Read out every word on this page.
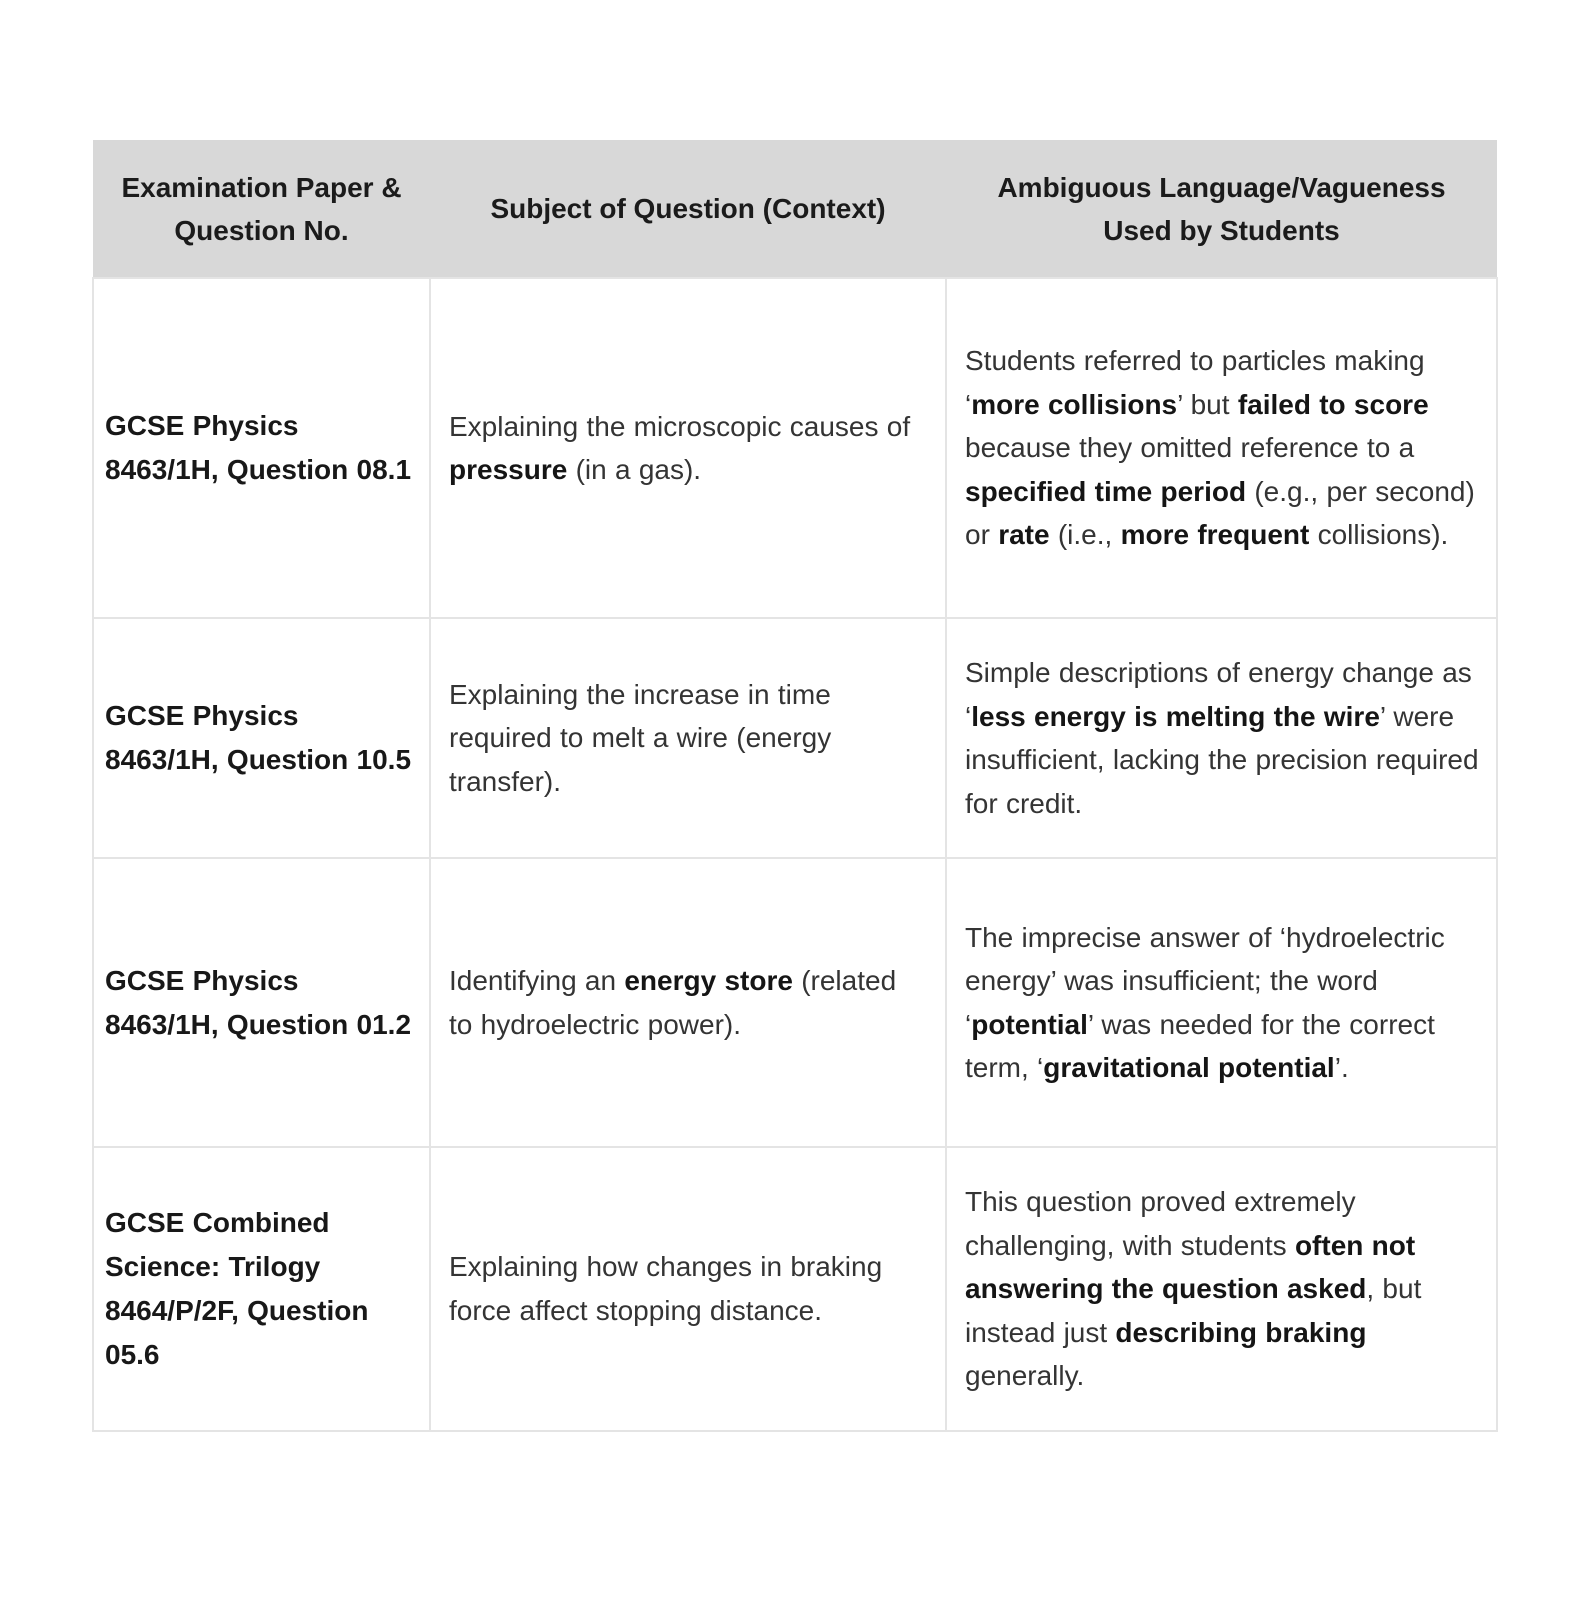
Examination Paper & Question No.	Subject of Question (Context)	Ambiguous Language/Vagueness Used by Students
GCSE Physics 8463/1H, Question 08.1	Explaining the microscopic causes of pressure (in a gas).	Students referred to particles making ‘more collisions’ but failed to score because they omitted reference to a specified time period (e.g., per second) or rate (i.e., more frequent collisions).
GCSE Physics 8463/1H, Question 10.5	Explaining the increase in time required to melt a wire (energy transfer).	Simple descriptions of energy change as ‘less energy is melting the wire’ were insufficient, lacking the precision required for credit.
GCSE Physics 8463/1H, Question 01.2	Identifying an energy store (related to hydroelectric power).	The imprecise answer of ‘hydroelectric energy’ was insufficient; the word ‘potential’ was needed for the correct term, ‘gravitational potential’.
GCSE Combined Science: Trilogy 8464/P/2F, Question 05.6	Explaining how changes in braking force affect stopping distance.	This question proved extremely challenging, with students often not answering the question asked, but instead just describing braking generally.
